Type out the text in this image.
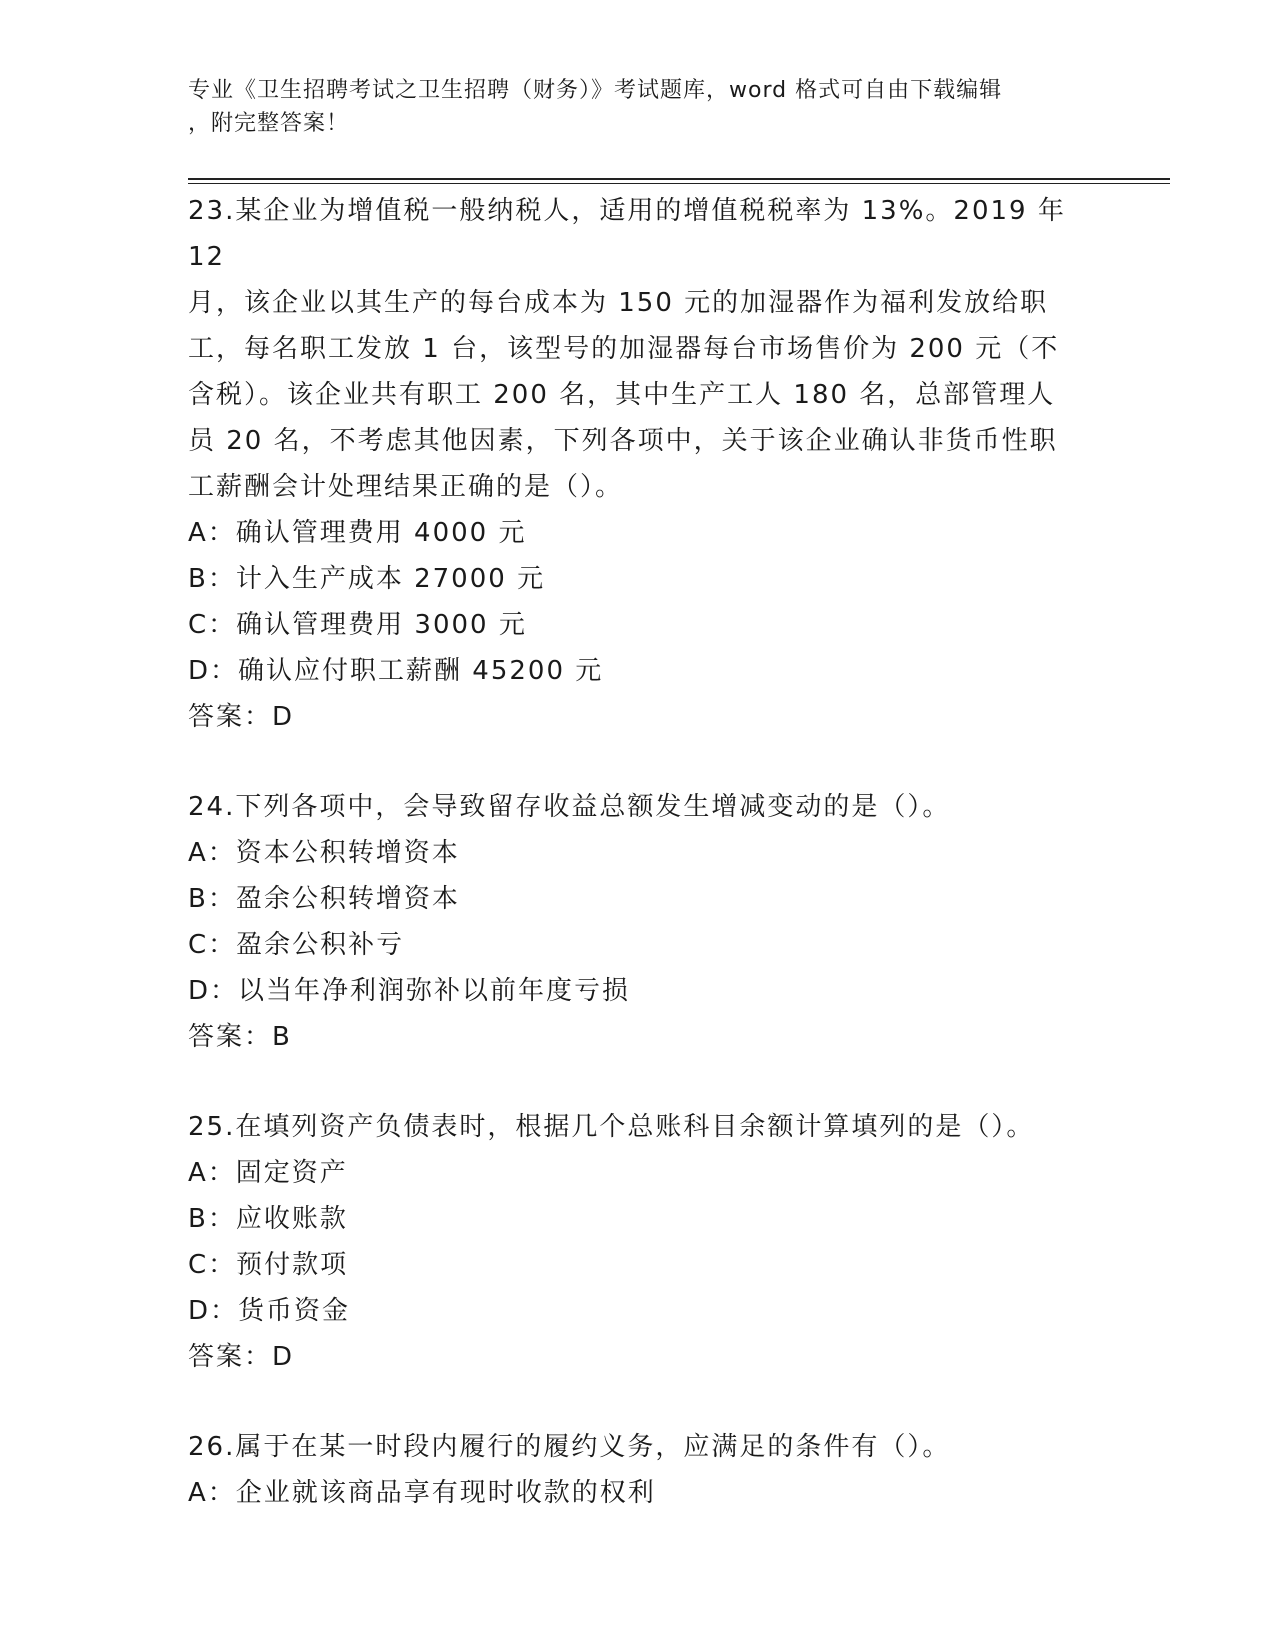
专业《卫生招聘考试之卫生招聘（财务）》考试题库，word 格式可自由下载编辑
，附完整答案！

23.某企业为增值税一般纳税人，适用的增值税税率为 13%。2019 年 12

月，该企业以其生产的每台成本为 150 元的加湿器作为福利发放给职

工，每名职工发放 1 台，该型号的加湿器每台市场售价为 200 元（不

含税）。该企业共有职工 200 名，其中生产工人 180 名，总部管理人

员 20 名，不考虑其他因素，下列各项中，关于该企业确认非货币性职

工薪酬会计处理结果正确的是（）。

A：确认管理费用 4000 元

B：计入生产成本 27000 元

C：确认管理费用 3000 元

D：确认应付职工薪酬 45200 元

答案：D

24.下列各项中，会导致留存收益总额发生增减变动的是（）。

A：资本公积转增资本

B：盈余公积转增资本

C：盈余公积补亏

D：以当年净利润弥补以前年度亏损

答案：B

25.在填列资产负债表时，根据几个总账科目余额计算填列的是（）。

A：固定资产

B：应收账款

C：预付款项

D：货币资金

答案：D

26.属于在某一时段内履行的履约义务，应满足的条件有（）。

A：企业就该商品享有现时收款的权利
